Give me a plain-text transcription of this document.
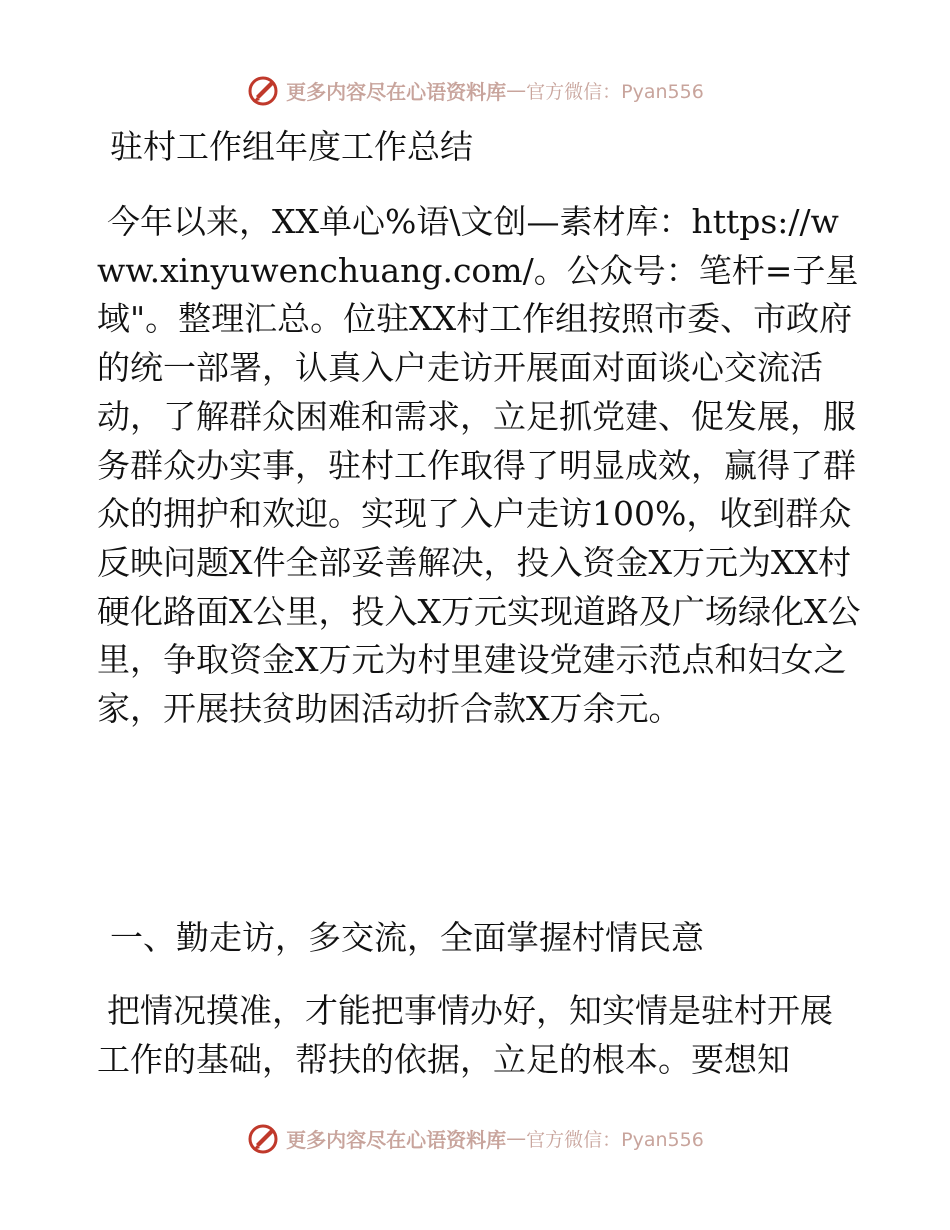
更多内容尽在心语资料库 — 官方微信：Pyan556
驻村工作组年度工作总结

今年以来，XX单心%语\文创—素材库：https://www.xinyuwenchuang.com/。公众号：笔杆=子星域"。整理汇总。位驻XX村工作组按照市委、市政府的统一部署，认真入户走访开展面对面谈心交流活动，了解群众困难和需求，立足抓党建、促发展，服务群众办实事，驻村工作取得了明显成效，赢得了群众的拥护和欢迎。实现了入户走访100%，收到群众反映问题X件全部妥善解决，投入资金X万元为XX村硬化路面X公里，投入X万元实现道路及广场绿化X公里，争取资金X万元为村里建设党建示范点和妇女之家，开展扶贫助困活动折合款X万余元。

一、勤走访，多交流，全面掌握村情民意

把情况摸准，才能把事情办好，知实情是驻村开展工作的基础，帮扶的依据，立足的根本。要想知

更多内容尽在心语资料库 — 官方微信：Pyan556
